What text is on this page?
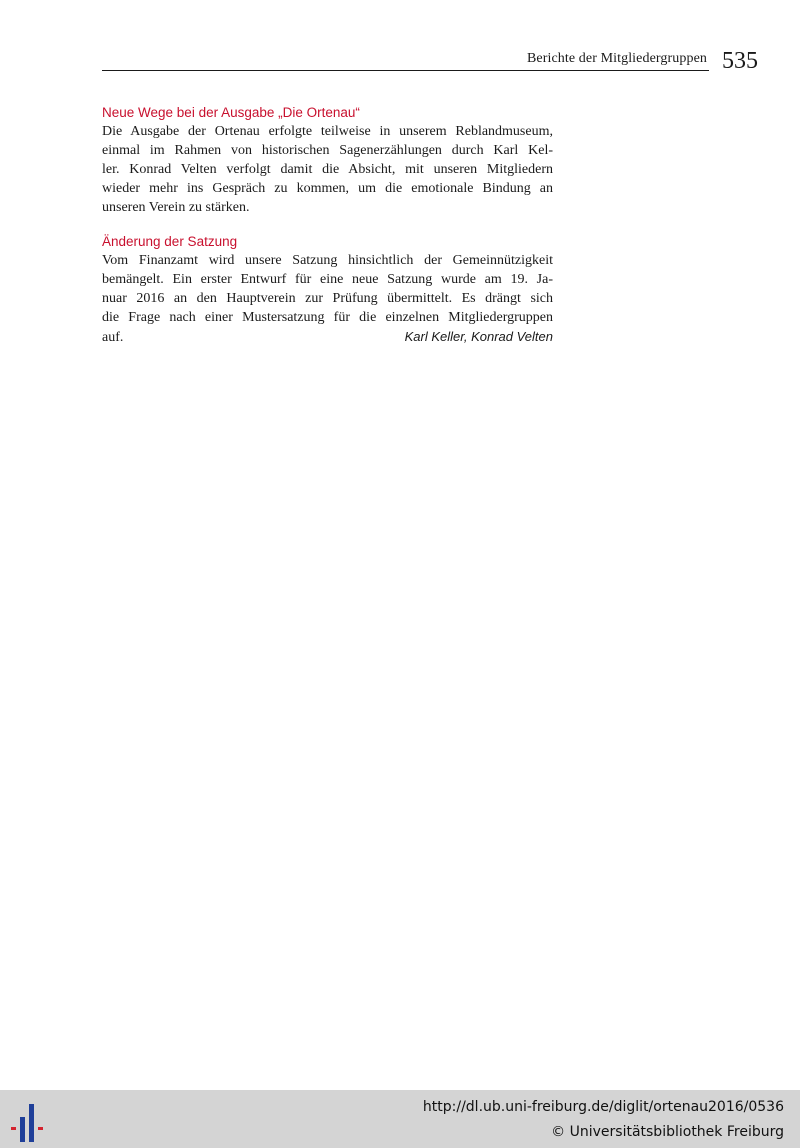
Berichte der Mitgliedergruppen 535
Neue Wege bei der Ausgabe „Die Ortenau“
Die Ausgabe der Ortenau erfolgte teilweise in unserem Reblandmuseum,
einmal im Rahmen von historischen Sagenerzählungen durch Karl Kel-
ler. Konrad Velten verfolgt damit die Absicht, mit unseren Mitgliedern
wieder mehr ins Gespräch zu kommen, um die emotionale Bindung an
unseren Verein zu stärken.
Änderung der Satzung
Vom Finanzamt wird unsere Satzung hinsichtlich der Gemeinnützigkeit
bemängelt. Ein erster Entwurf für eine neue Satzung wurde am 19. Ja-
nuar 2016 an den Hauptverein zur Prüfung übermittelt. Es drängt sich
die Frage nach einer Mustersatzung für die einzelnen Mitgliedergruppen
auf.	Karl Keller, Konrad Velten
http://dl.ub.uni-freiburg.de/diglit/ortenau2016/0536
© Universitätsbibliothek Freiburg
